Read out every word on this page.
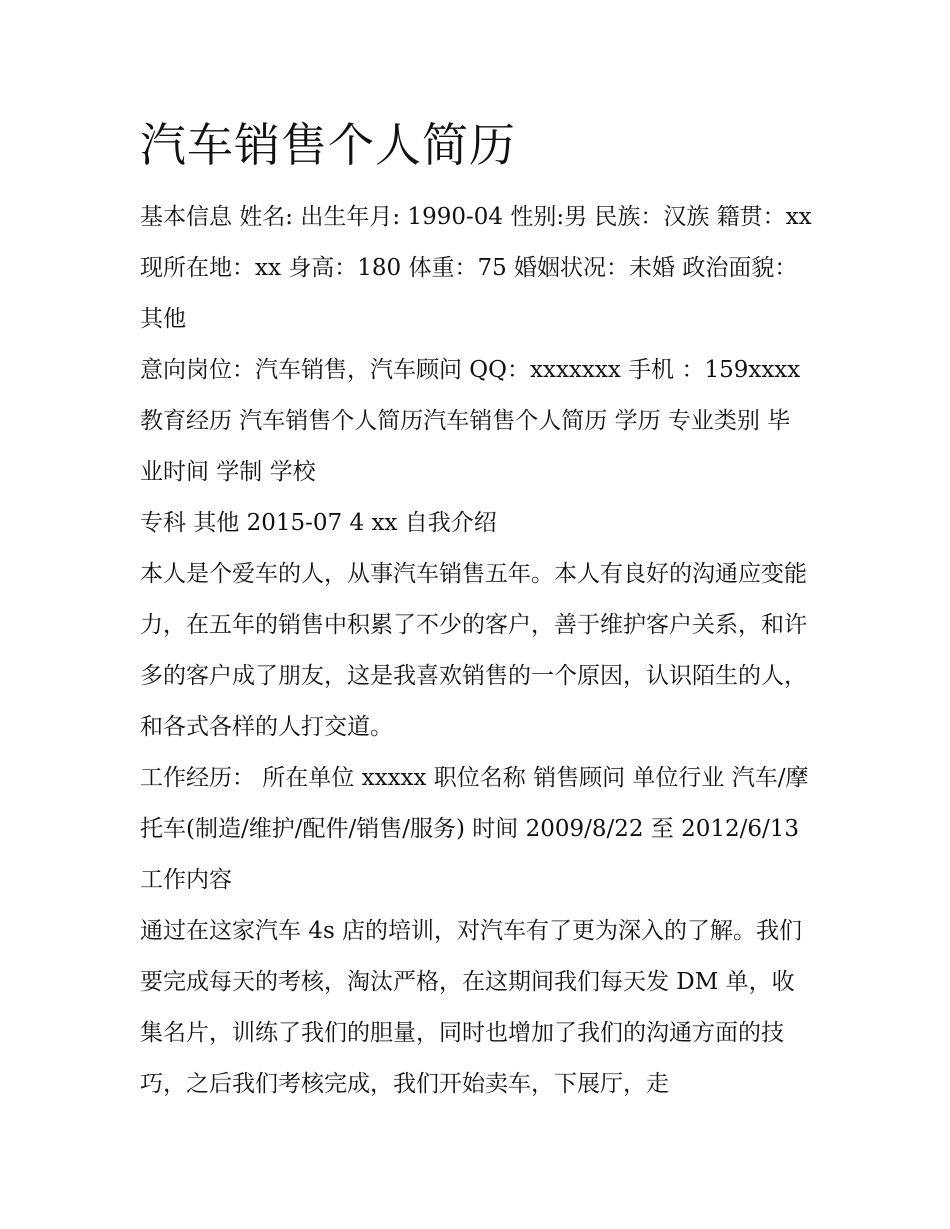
汽车销售个人简历

基本信息 姓名: 出生年月: 1990-04 性别:男 民族：汉族 籍贯：xx 现所在地：xx 身高：180 体重：75 婚姻状况：未婚 政治面貌：其他

意向岗位：汽车销售，汽车顾问 QQ：xxxxxxx 手机 ：159xxxx 教育经历 汽车销售个人简历汽车销售个人简历 学历 专业类别 毕业时间 学制 学校

专科 其他 2015-07 4 xx 自我介绍

本人是个爱车的人，从事汽车销售五年。本人有良好的沟通应变能力，在五年的销售中积累了不少的客户，善于维护客户关系，和许多的客户成了朋友，这是我喜欢销售的一个原因，认识陌生的人，和各式各样的人打交道。

工作经历： 所在单位 xxxxx 职位名称 销售顾问 单位行业 汽车/摩托车(制造/维护/配件/销售/服务) 时间 2009/8/22 至 2012/6/13 工作内容

通过在这家汽车 4s 店的培训，对汽车有了更为深入的了解。我们要完成每天的考核，淘汰严格，在这期间我们每天发 DM 单，收集名片，训练了我们的胆量，同时也增加了我们的沟通方面的技巧，之后我们考核完成，我们开始卖车，下展厅，走
